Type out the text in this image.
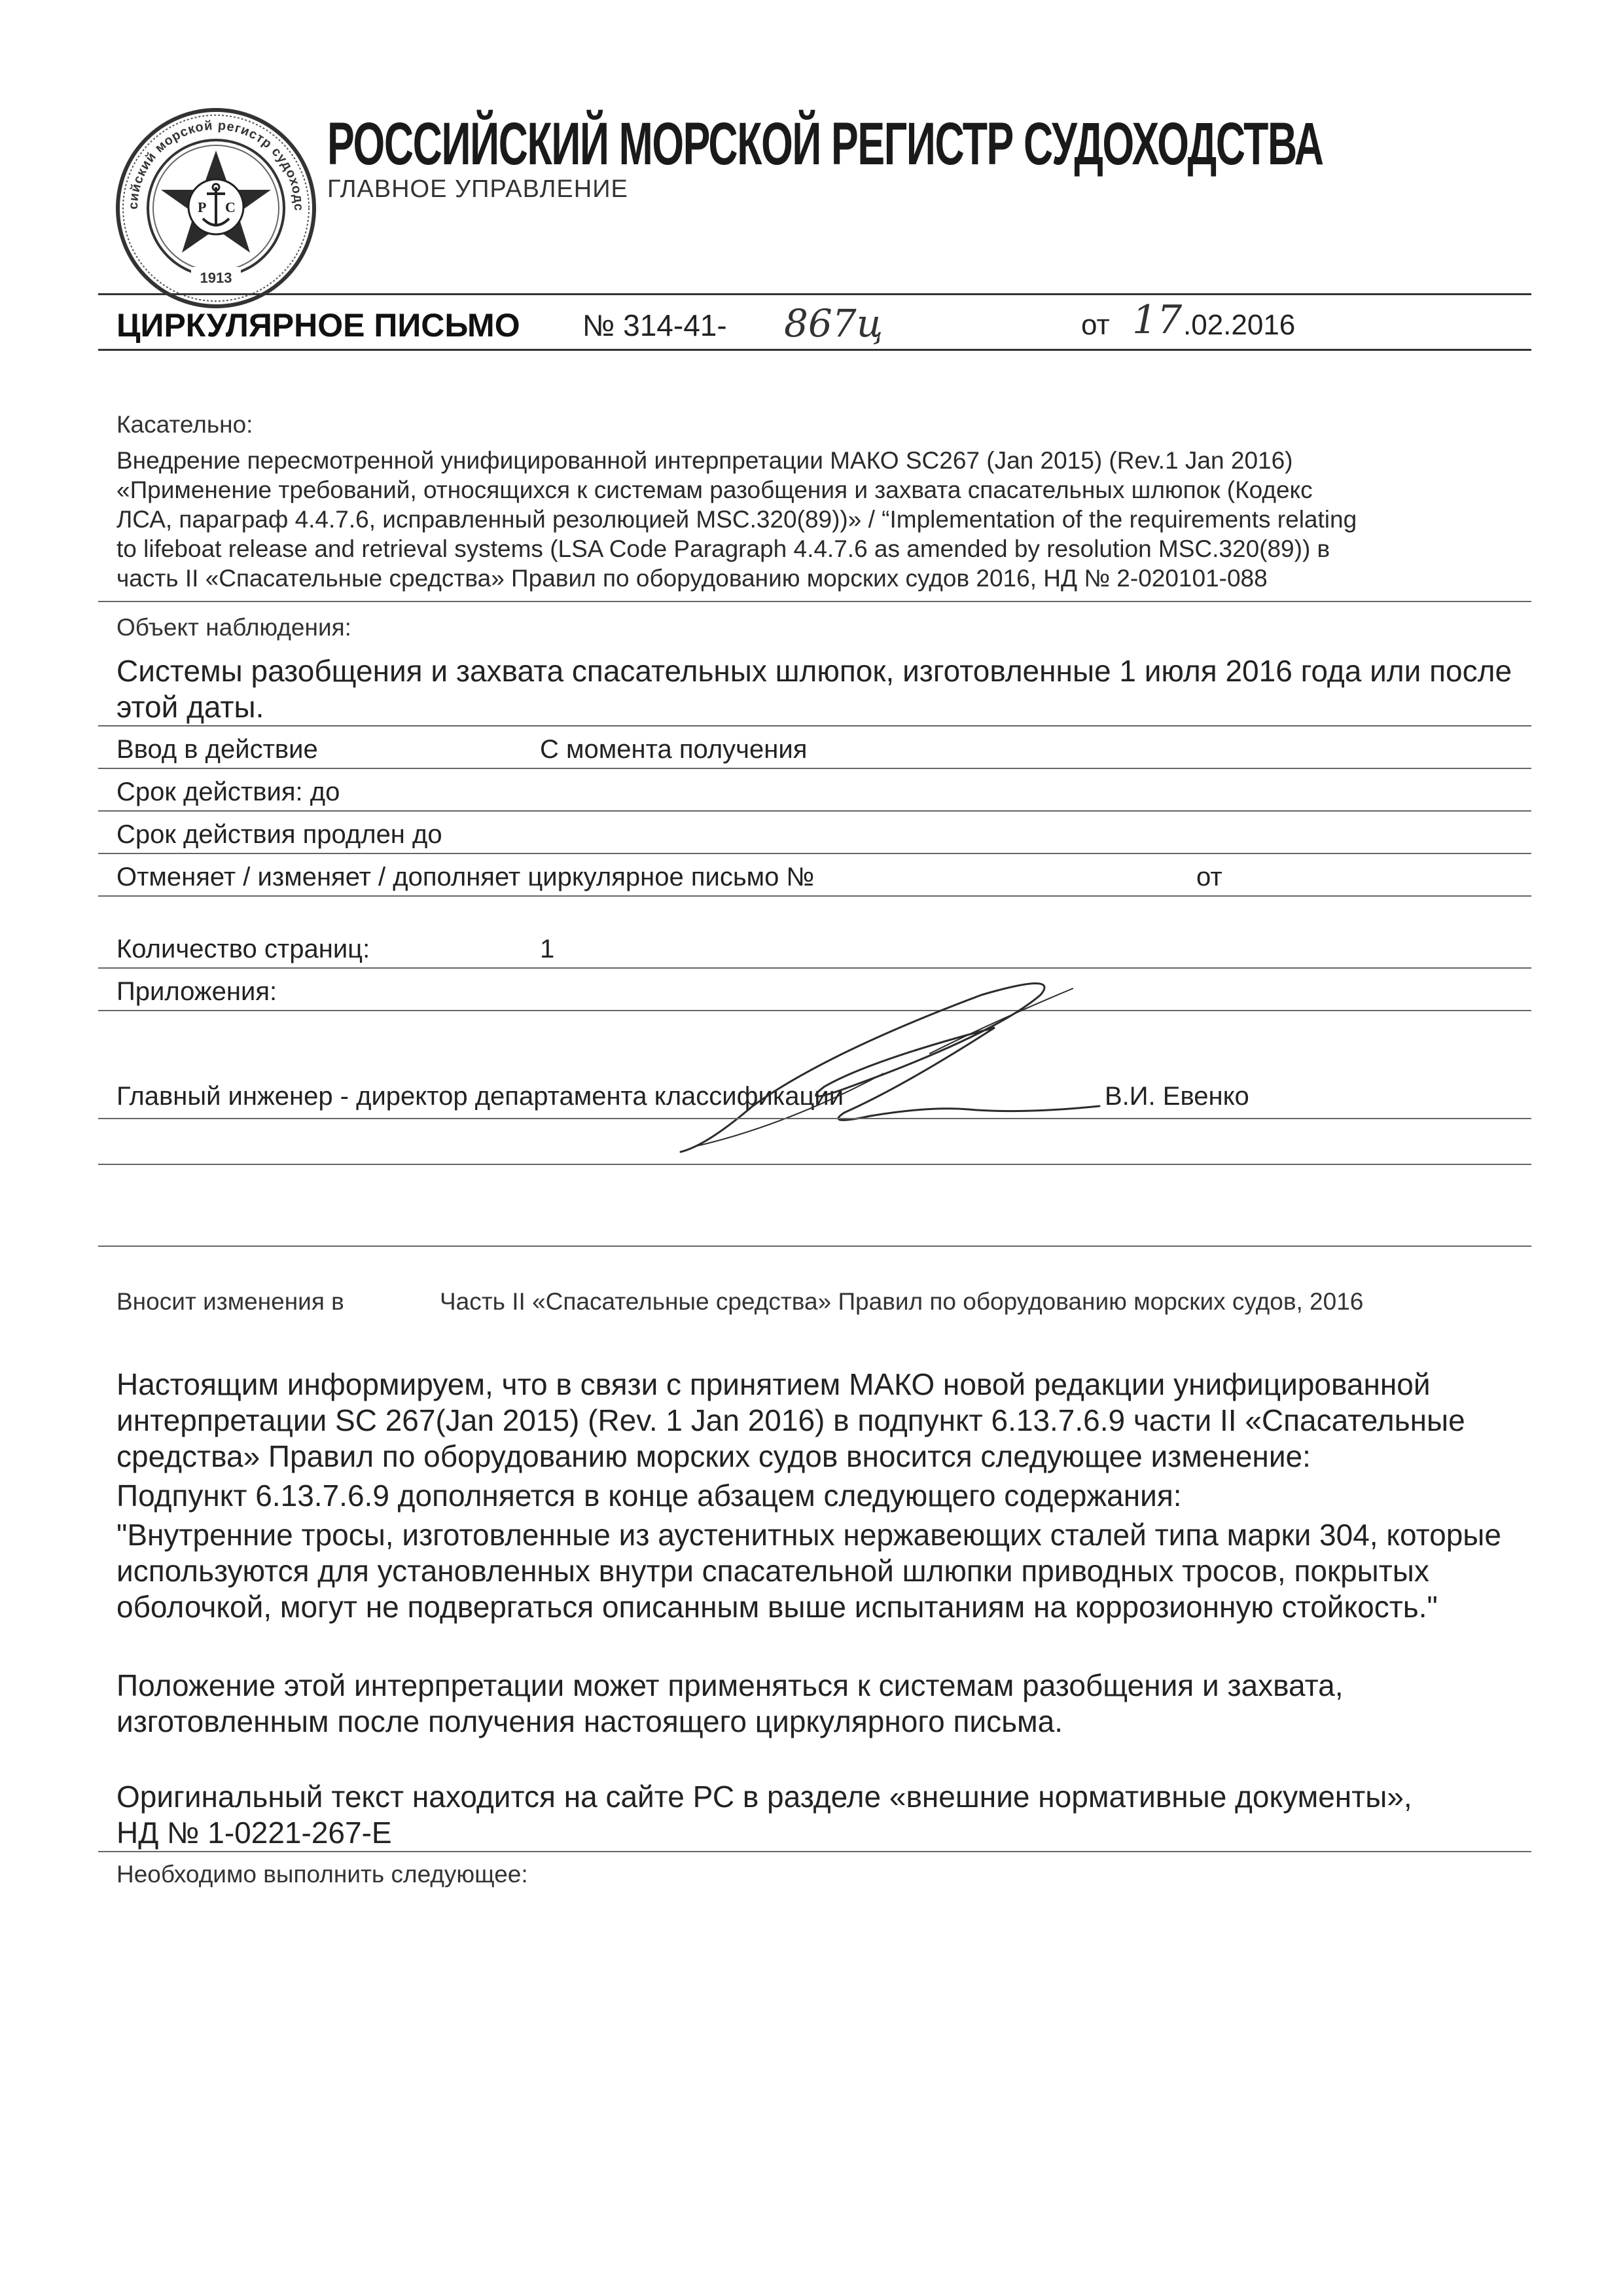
Российский морской регистр судоходства
Р С
1913
РОССИЙСКИЙ МОРСКОЙ РЕГИСТР СУДОХОДСТВА
ГЛАВНОЕ УПРАВЛЕНИЕ
ЦИРКУЛЯРНОЕ ПИСЬМО № 314-41- 867ц	от 17 .02.2016
Касательно:
Внедрение пересмотренной унифицированной интерпретации МАКО SC267 (Jan 2015) (Rev.1 Jan 2016)
«Применение требований, относящихся к системам разобщения и захвата спасательных шлюпок (Кодекс
ЛСА, параграф 4.4.7.6, исправленный резолюцией MSC.320(89))» / “Implementation of the requirements relating
to lifeboat release and retrieval systems (LSA Code Paragraph 4.4.7.6 as amended by resolution MSC.320(89)) в
часть II «Спасательные средства» Правил по оборудованию морских судов 2016, НД № 2-020101-088
Объект наблюдения:
Системы разобщения и захвата спасательных шлюпок, изготовленные 1 июля 2016 года или после
этой даты.
Ввод в действие	С момента получения
Срок действия: до
Срок действия продлен до
Отменяет / изменяет / дополняет циркулярное письмо №	от
Количество страниц:	1
Приложения:
Главный инженер - директор департамента классификации	В.И. Евенко
Вносит изменения в	Часть II «Спасательные средства» Правил по оборудованию морских судов, 2016
Настоящим информируем, что в связи с принятием МАКО новой редакции унифицированной
интерпретации SC 267(Jan 2015) (Rev. 1 Jan 2016) в подпункт 6.13.7.6.9 части II «Спасательные
средства» Правил по оборудованию морских судов вносится следующее изменение:
Подпункт 6.13.7.6.9 дополняется в конце абзацем следующего содержания:
"Внутренние тросы, изготовленные из аустенитных нержавеющих сталей типа марки 304, которые
используются для установленных внутри спасательной шлюпки приводных тросов, покрытых
оболочкой, могут не подвергаться описанным выше испытаниям на коррозионную стойкость."
Положение этой интерпретации может применяться к системам разобщения и захвата,
изготовленным после получения настоящего циркулярного письма.
Оригинальный текст находится на сайте РС в разделе «внешние нормативные документы»,
НД № 1-0221-267-E
Необходимо выполнить следующее:
